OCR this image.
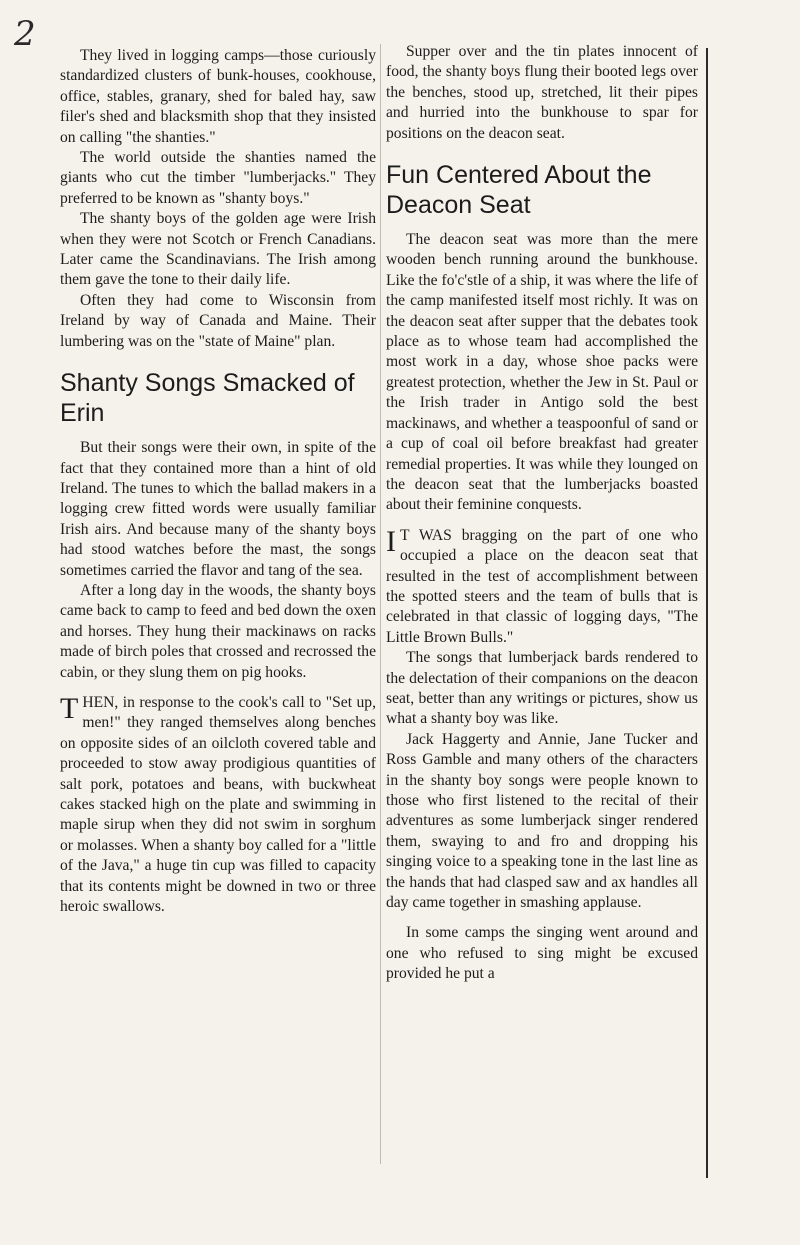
2

They lived in logging camps—those curiously standardized clusters of bunk-houses, cookhouse, office, stables, granary, shed for baled hay, saw filer's shed and blacksmith shop that they insisted on calling "the shanties."

The world outside the shanties named the giants who cut the timber "lumberjacks." They preferred to be known as "shanty boys."

The shanty boys of the golden age were Irish when they were not Scotch or French Canadians. Later came the Scandinavians. The Irish among them gave the tone to their daily life.

Often they had come to Wisconsin from Ireland by way of Canada and Maine. Their lumbering was on the "state of Maine" plan.

Shanty Songs Smacked of Erin

But their songs were their own, in spite of the fact that they contained more than a hint of old Ireland. The tunes to which the ballad makers in a logging crew fitted words were usually familiar Irish airs. And because many of the shanty boys had stood watches before the mast, the songs sometimes carried the flavor and tang of the sea.

After a long day in the woods, the shanty boys came back to camp to feed and bed down the oxen and horses. They hung their mackinaws on racks made of birch poles that crossed and recrossed the cabin, or they slung them on pig hooks.

THEN, in response to the cook's call to "Set up, men!" they ranged themselves along benches on opposite sides of an oilcloth covered table and proceeded to stow away prodigious quantities of salt pork, potatoes and beans, with buckwheat cakes stacked high on the plate and swimming in maple sirup when they did not swim in sorghum or molasses. When a shanty boy called for a "little of the Java," a huge tin cup was filled to capacity that its contents might be downed in two or three heroic swallows.

Supper over and the tin plates innocent of food, the shanty boys flung their booted legs over the benches, stood up, stretched, lit their pipes and hurried into the bunkhouse to spar for positions on the deacon seat.

Fun Centered About the Deacon Seat

The deacon seat was more than the mere wooden bench running around the bunkhouse. Like the fo'c'stle of a ship, it was where the life of the camp manifested itself most richly. It was on the deacon seat after supper that the debates took place as to whose team had accomplished the most work in a day, whose shoe packs were greatest protection, whether the Jew in St. Paul or the Irish trader in Antigo sold the best mackinaws, and whether a teaspoonful of sand or a cup of coal oil before breakfast had greater remedial properties. It was while they lounged on the deacon seat that the lumberjacks boasted about their feminine conquests.

I T WAS bragging on the part of one who occupied a place on the deacon seat that resulted in the test of accomplishment between the spotted steers and the team of bulls that is celebrated in that classic of logging days, "The Little Brown Bulls."

The songs that lumberjack bards rendered to the delectation of their companions on the deacon seat, better than any writings or pictures, show us what a shanty boy was like.

Jack Haggerty and Annie, Jane Tucker and Ross Gamble and many others of the characters in the shanty boy songs were people known to those who first listened to the recital of their adventures as some lumberjack singer rendered them, swaying to and fro and dropping his singing voice to a speaking tone in the last line as the hands that had clasped saw and ax handles all day came together in smashing applause.

In some camps the singing went around and one who refused to sing might be excused provided he put a
